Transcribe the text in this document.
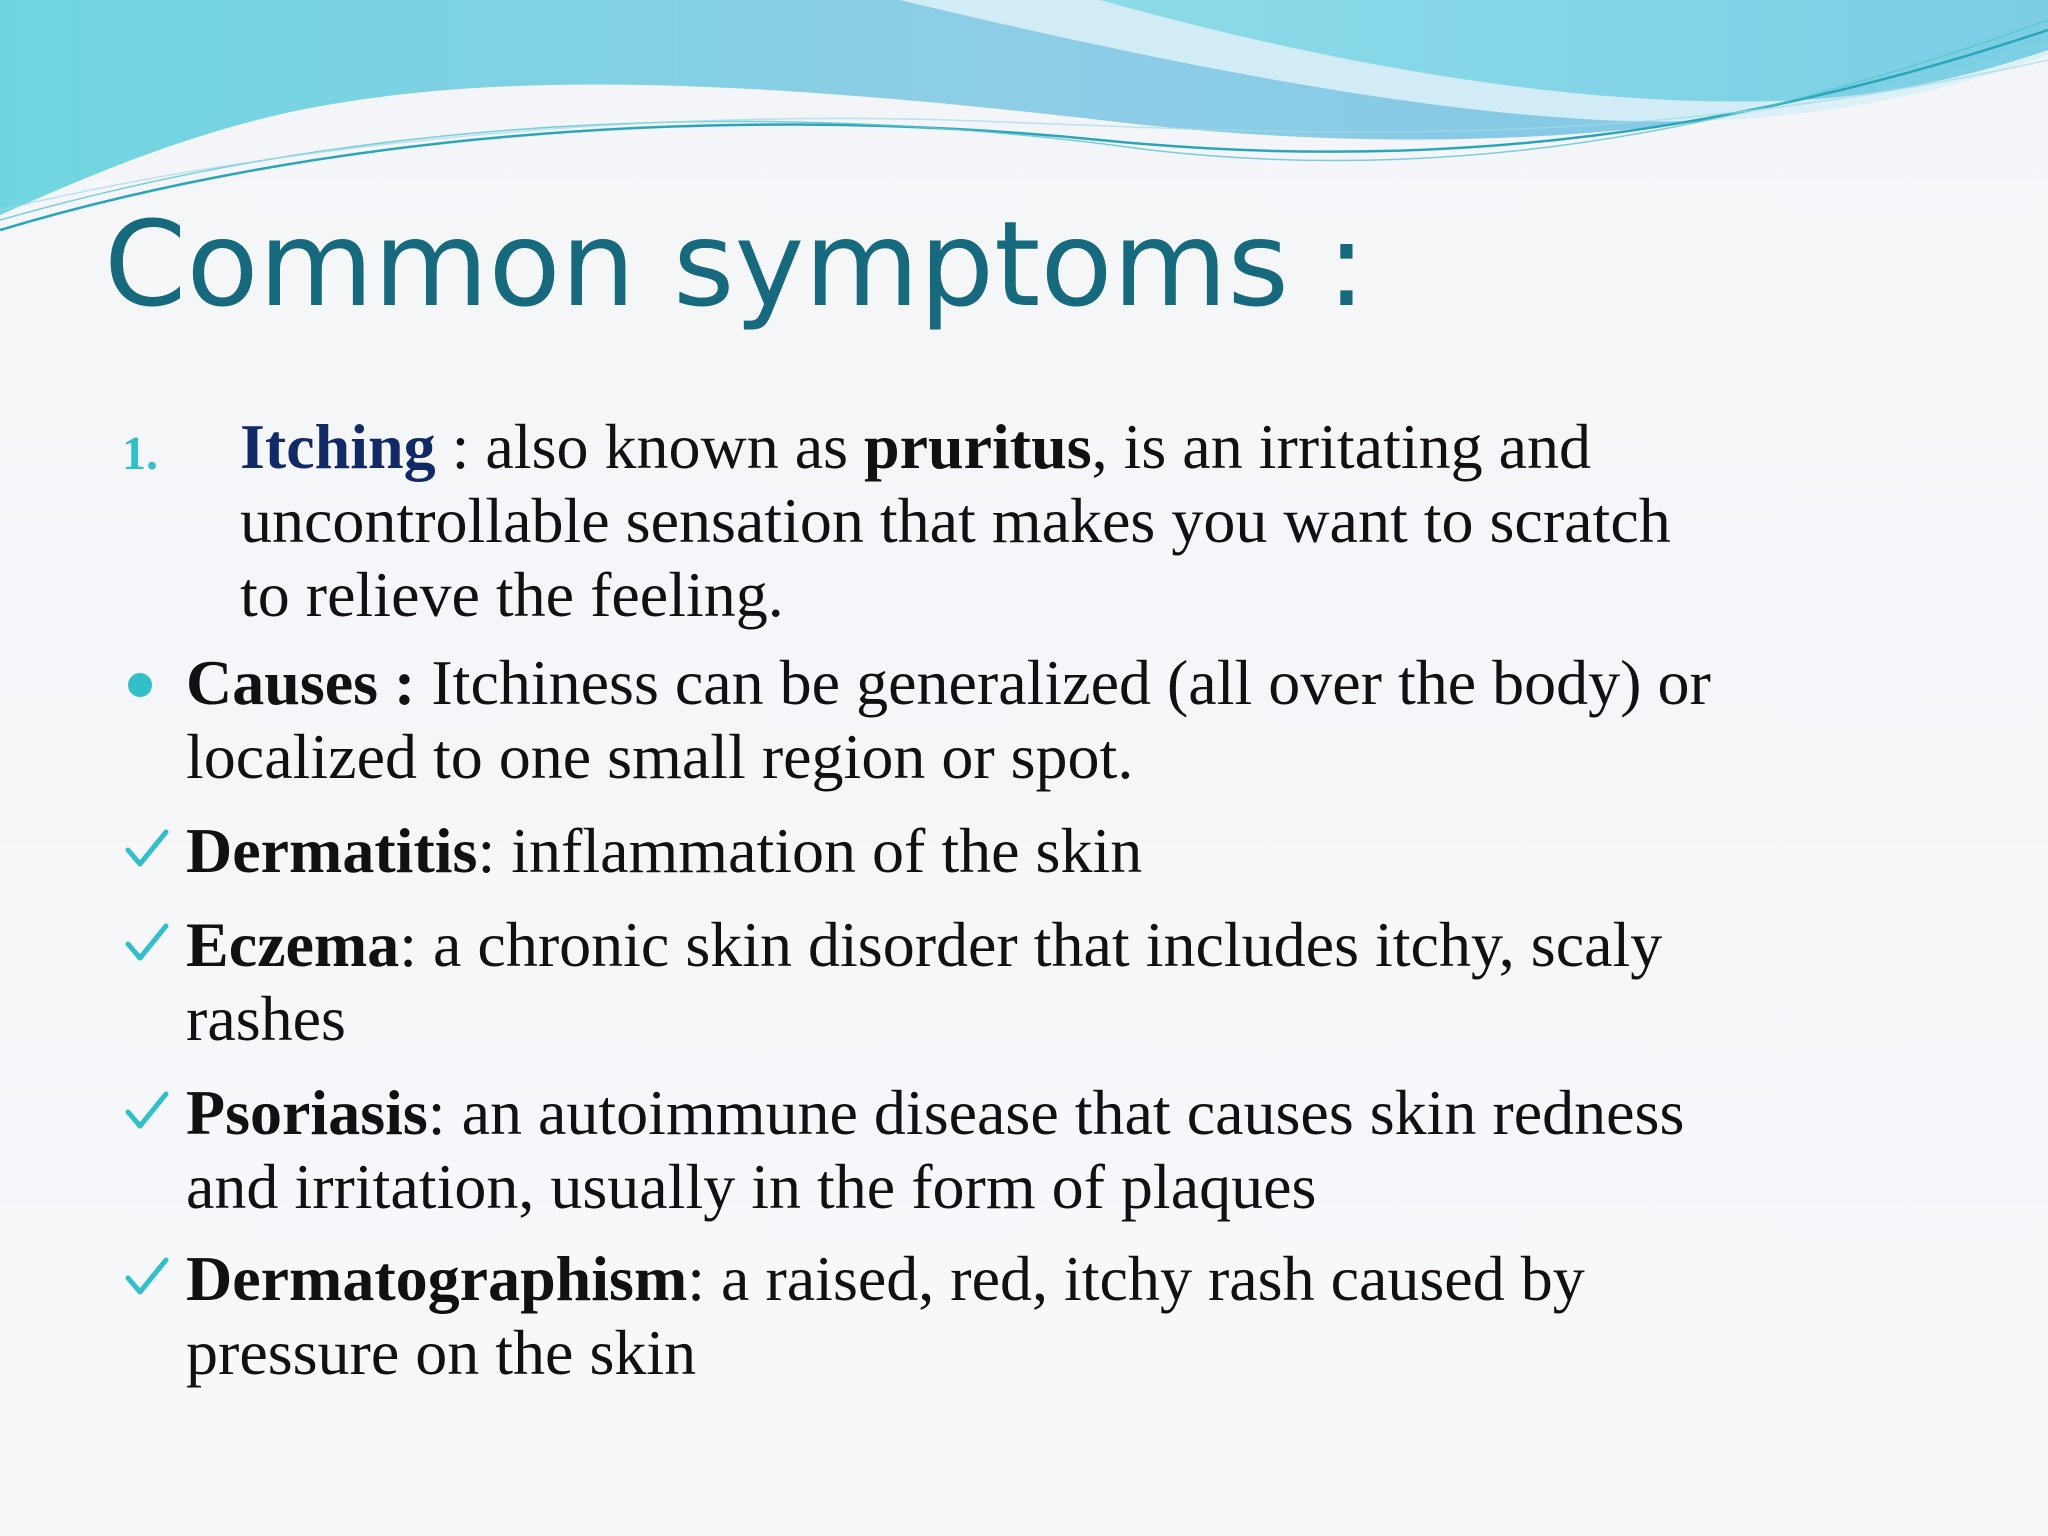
Common symptoms :
1. Itching : also known as pruritus, is an irritating and
uncontrollable sensation that makes you want to scratch
to relieve the feeling.
Causes : Itchiness can be generalized (all over the body) or
localized to one small region or spot.
Dermatitis: inflammation of the skin
Eczema: a chronic skin disorder that includes itchy, scaly
rashes
Psoriasis: an autoimmune disease that causes skin redness
and irritation, usually in the form of plaques
Dermatographism: a raised, red, itchy rash caused by
pressure on the skin
